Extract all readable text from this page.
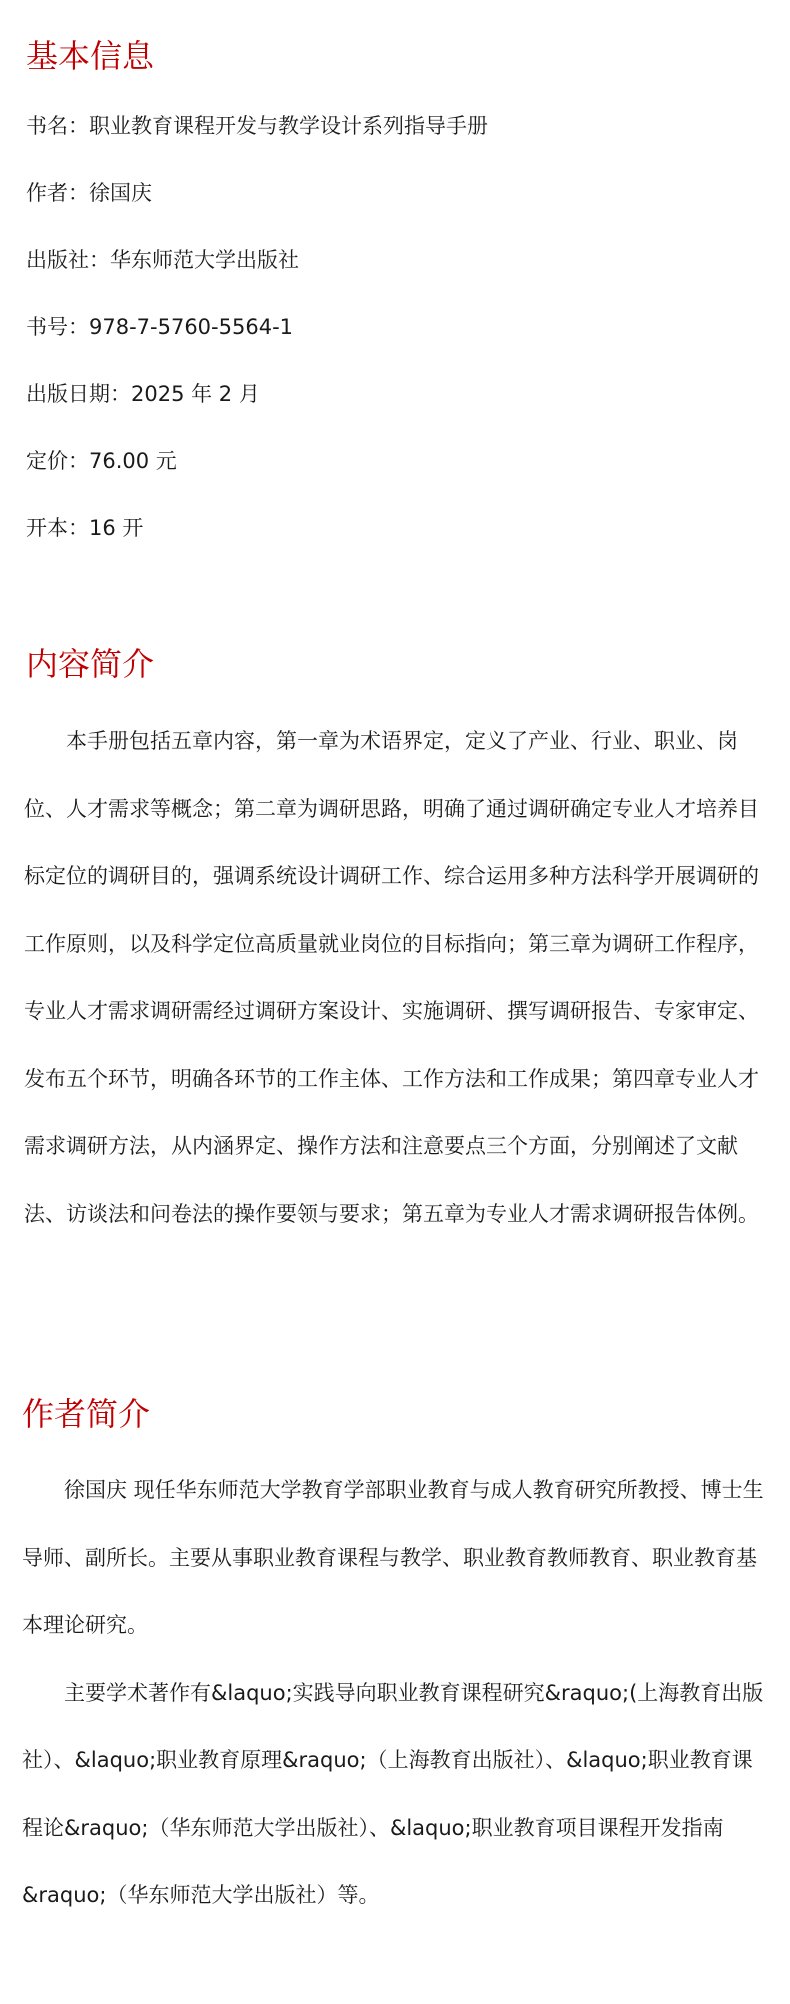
基本信息
书名：职业教育课程开发与教学设计系列指导手册
作者：徐国庆
出版社：华东师范大学出版社
书号：978-7-5760-5564-1
出版日期：2025 年 2 月
定价：76.00 元
开本：16 开
内容简介

本手册包括五章内容，第一章为术语界定，定义了产业、行业、职业、岗位、人才需求等概念；第二章为调研思路，明确了通过调研确定专业人才培养目标定位的调研目的，强调系统设计调研工作、综合运用多种方法科学开展调研的工作原则，以及科学定位高质量就业岗位的目标指向；第三章为调研工作程序，专业人才需求调研需经过调研方案设计、实施调研、撰写调研报告、专家审定、发布五个环节，明确各环节的工作主体、工作方法和工作成果；第四章专业人才需求调研方法，从内涵界定、操作方法和注意要点三个方面，分别阐述了文献法、访谈法和问卷法的操作要领与要求；第五章为专业人才需求调研报告体例。

作者简介

徐国庆 现任华东师范大学教育学部职业教育与成人教育研究所教授、博士生导师、副所长。主要从事职业教育课程与教学、职业教育教师教育、职业教育基本理论研究。

主要学术著作有&laquo;实践导向职业教育课程研究&raquo;(上海教育出版社）、&laquo;职业教育原理&raquo;（上海教育出版社）、&laquo;职业教育课程论&raquo;（华东师范大学出版社）、&laquo;职业教育项目课程开发指南&raquo;（华东师范大学出版社）等。
